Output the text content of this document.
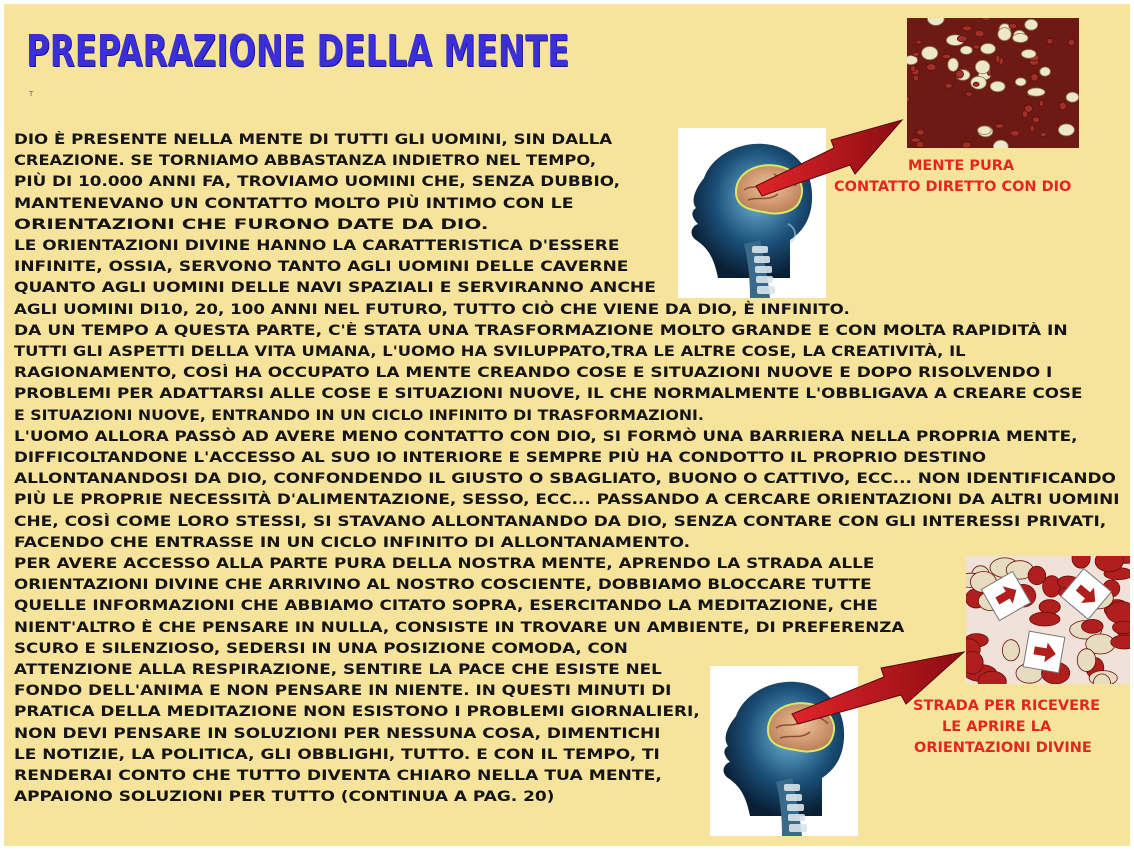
PREPARAZIONE DELLA MENTE
T
DIO È PRESENTE NELLA MENTE DI TUTTI GLI UOMINI, SIN DALLA
CREAZIONE. SE TORNIAMO ABBASTANZA INDIETRO NEL TEMPO,
PIÙ DI 10.000 ANNI FA, TROVIAMO UOMINI CHE, SENZA DUBBIO,
MANTENEVANO UN CONTATTO MOLTO PIÙ INTIMO CON LE
ORIENTAZIONI CHE FURONO DATE DA DIO.
LE ORIENTAZIONI DIVINE HANNO LA CARATTERISTICA D'ESSERE
INFINITE, OSSIA, SERVONO TANTO AGLI UOMINI DELLE CAVERNE
QUANTO AGLI UOMINI DELLE NAVI SPAZIALI E SERVIRANNO ANCHE
AGLI UOMINI DI10, 20, 100 ANNI NEL FUTURO, TUTTO CIÒ CHE VIENE DA DIO, È INFINITO.
DA UN TEMPO A QUESTA PARTE, C'È STATA UNA TRASFORMAZIONE MOLTO GRANDE E CON MOLTA RAPIDITÀ IN
TUTTI GLI ASPETTI DELLA VITA UMANA, L'UOMO HA SVILUPPATO,TRA LE ALTRE COSE, LA CREATIVITÀ, IL
RAGIONAMENTO, COSÌ HA OCCUPATO LA MENTE CREANDO COSE E SITUAZIONI NUOVE E DOPO RISOLVENDO I
PROBLEMI PER ADATTARSI ALLE COSE E SITUAZIONI NUOVE, IL CHE NORMALMENTE L'OBBLIGAVA A CREARE COSE
E SITUAZIONI NUOVE, ENTRANDO IN UN CICLO INFINITO DI TRASFORMAZIONI.
L'UOMO ALLORA PASSÒ AD AVERE MENO CONTATTO CON DIO, SI FORMÒ UNA BARRIERA NELLA PROPRIA MENTE,
DIFFICOLTANDONE L'ACCESSO AL SUO IO INTERIORE E SEMPRE PIÙ HA CONDOTTO IL PROPRIO DESTINO
ALLONTANANDOSI DA DIO, CONFONDENDO IL GIUSTO O SBAGLIATO, BUONO O CATTIVO, ECC... NON IDENTIFICANDO
PIÙ LE PROPRIE NECESSITÀ D'ALIMENTAZIONE, SESSO, ECC... PASSANDO A CERCARE ORIENTAZIONI DA ALTRI UOMINI
CHE, COSÌ COME LORO STESSI, SI STAVANO ALLONTANANDO DA DIO, SENZA CONTARE CON GLI INTERESSI PRIVATI,
FACENDO CHE ENTRASSE IN UN CICLO INFINITO DI ALLONTANAMENTO.
PER AVERE ACCESSO ALLA PARTE PURA DELLA NOSTRA MENTE, APRENDO LA STRADA ALLE
ORIENTAZIONI DIVINE CHE ARRIVINO AL NOSTRO COSCIENTE, DOBBIAMO BLOCCARE TUTTE
QUELLE INFORMAZIONI CHE ABBIAMO CITATO SOPRA, ESERCITANDO LA MEDITAZIONE, CHE
NIENT'ALTRO È CHE PENSARE IN NULLA, CONSISTE IN TROVARE UN AMBIENTE, DI PREFERENZA
SCURO E SILENZIOSO, SEDERSI IN UNA POSIZIONE COMODA, CON
ATTENZIONE ALLA RESPIRAZIONE, SENTIRE LA PACE CHE ESISTE NEL
FONDO DELL'ANIMA E NON PENSARE IN NIENTE. IN QUESTI MINUTI DI
PRATICA DELLA MEDITAZIONE NON ESISTONO I PROBLEMI GIORNALIERI,
NON DEVI PENSARE IN SOLUZIONI PER NESSUNA COSA, DIMENTICHI
LE NOTIZIE, LA POLITICA, GLI OBBLIGHI, TUTTO. E CON IL TEMPO, TI
RENDERAI CONTO CHE TUTTO DIVENTA CHIARO NELLA TUA MENTE,
APPAIONO SOLUZIONI PER TUTTO (CONTINUA A PAG. 20)
MENTE PURA
CONTATTO DIRETTO CON DIO
STRADA PER RICEVERE
LE APRIRE LA
ORIENTAZIONI DIVINE
